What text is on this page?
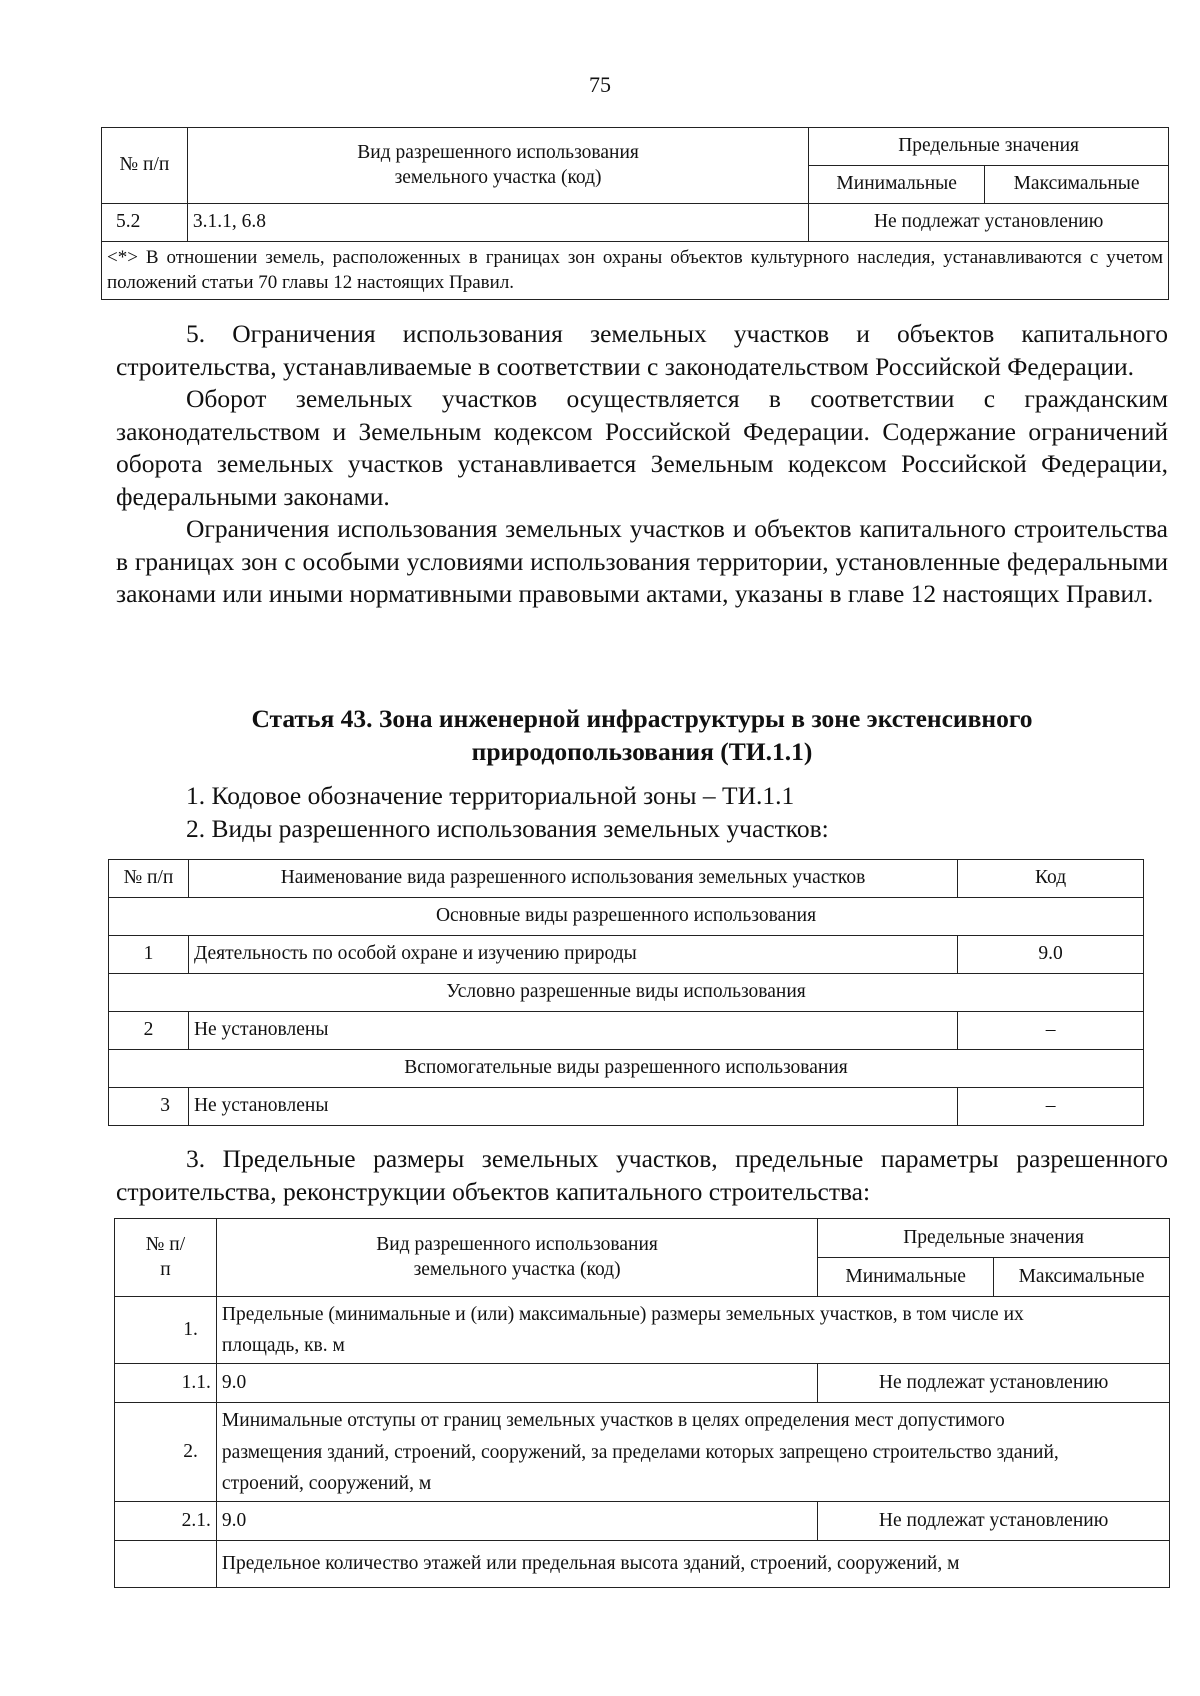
75
№ п/п	Вид разрешенного использования земельного участка (код)	Предельные значения	
		Минимальные	Максимальные
5.2	3.1.1, 6.8	Не подлежат установлению	
<*> В отношении земель, расположенных в границах зон охраны объектов культурного наследия, устанавливаются с учетом положений статьи 70 главы 12 настоящих Правил.			

5. Ограничения использования земельных участков и объектов капитального строительства, устанавливаемые в соответствии с законодательством Российской Федерации.

Оборот земельных участков осуществляется в соответствии с гражданским законодательством и Земельным кодексом Российской Федерации. Содержание ограничений оборота земельных участков устанавливается Земельным кодексом Российской Федерации, федеральными законами.

Ограничения использования земельных участков и объектов капитального строительства в границах зон с особыми условиями использования территории, установленные федеральными законами или иными нормативными правовыми актами, указаны в главе 12 настоящих Правил.

Статья 43. Зона инженерной инфраструктуры в зоне экстенсивного
природопользования (ТИ.1.1)
1. Кодовое обозначение территориальной зоны – ТИ.1.1
2. Виды разрешенного использования земельных участков:
№ п/п	Наименование вида разрешенного использования земельных участков	Код
Основные виды разрешенного использования		
1	Деятельность по особой охране и изучению природы	9.0
Условно разрешенные виды использования		
2	Не установлены	–
Вспомогательные виды разрешенного использования		
3	Не установлены	–

3. Предельные размеры земельных участков, предельные параметры разрешенного строительства, реконструкции объектов капитального строительства:

№ п/п	Вид разрешенного использования земельного участка (код)	Предельные значения	
		Минимальные	Максимальные
1.	Предельные (минимальные и (или) максимальные) размеры земельных участков, в том числе их площадь, кв. м		
1.1.	9.0	Не подлежат установлению	
2.	Минимальные отступы от границ земельных участков в целях определения мест допустимого размещения зданий, строений, сооружений, за пределами которых запрещено строительство зданий, строений, сооружений, м		
2.1.	9.0	Не подлежат установлению	
	Предельное количество этажей или предельная высота зданий, строений, сооружений, м		
